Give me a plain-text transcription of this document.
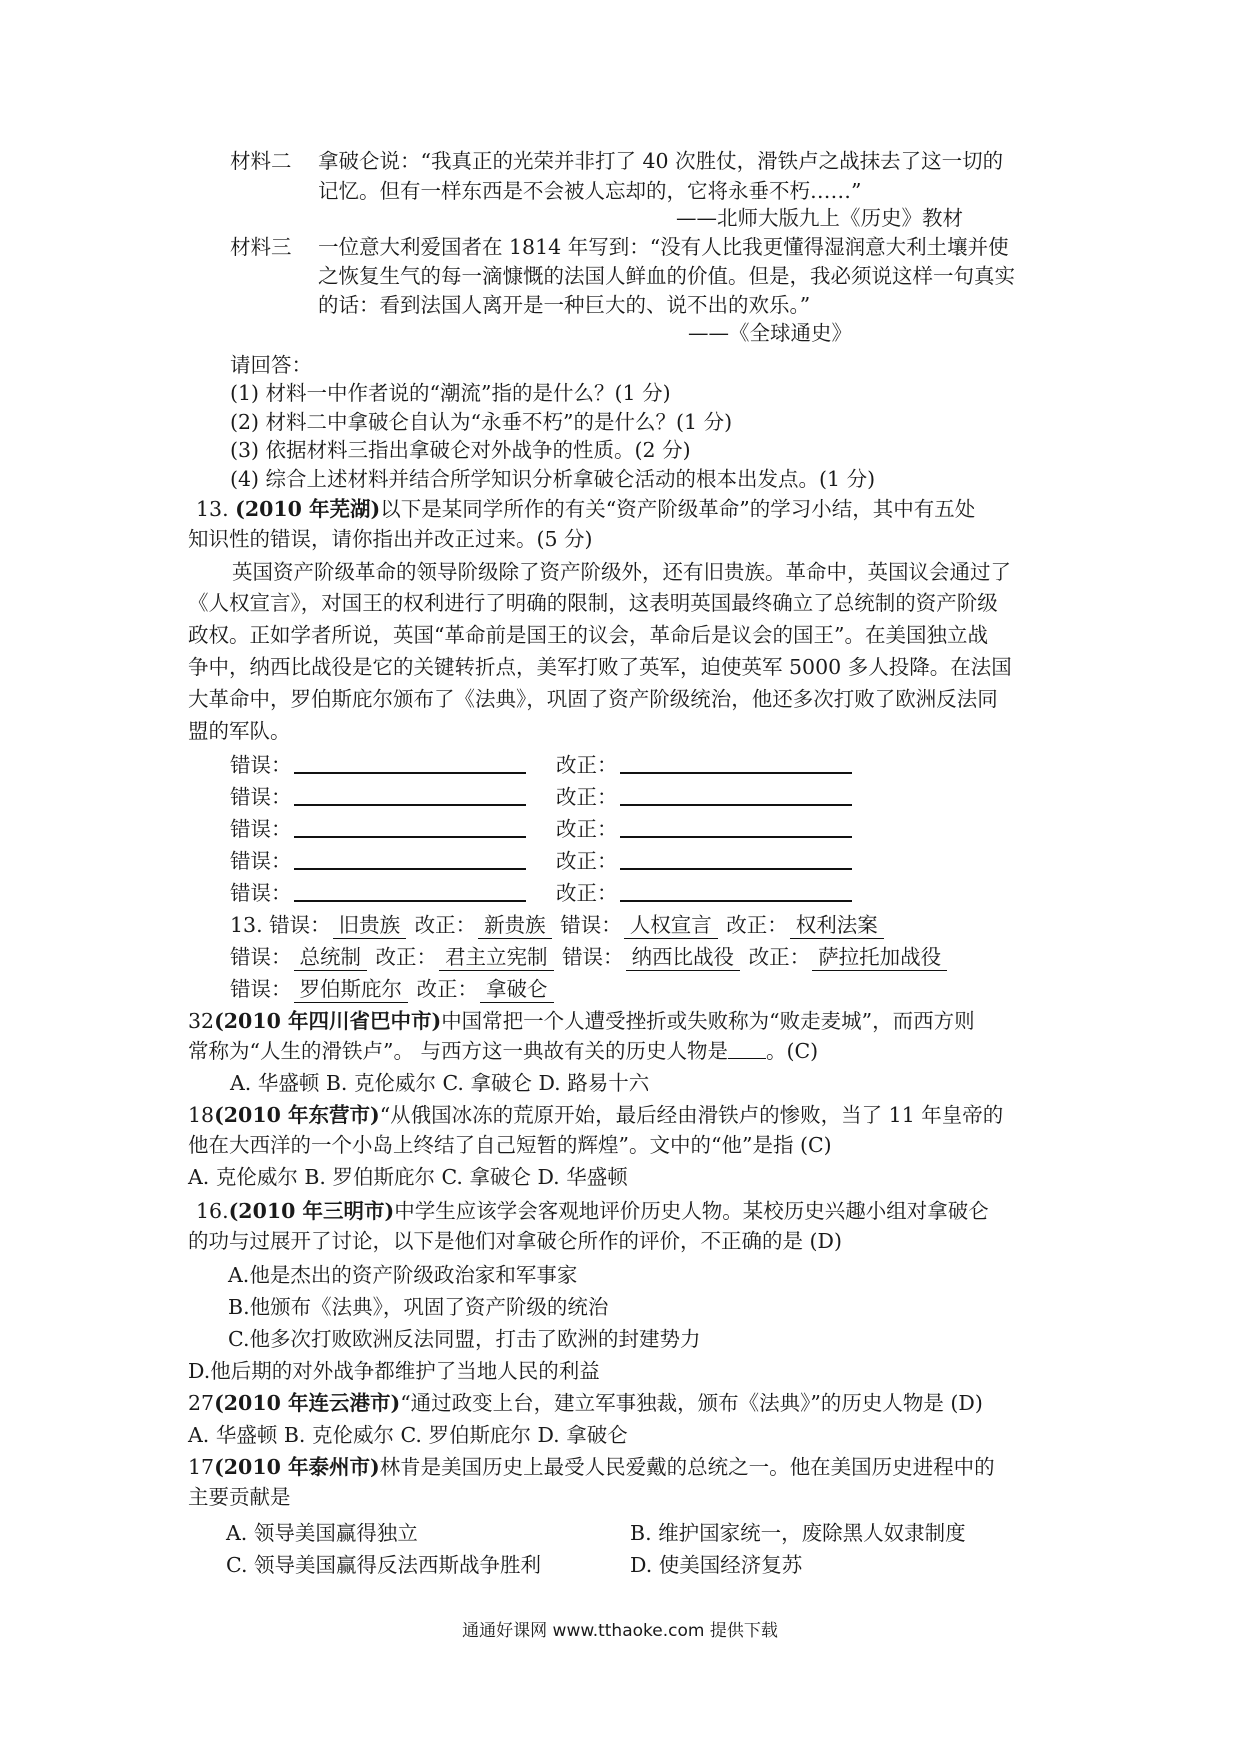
材料二 拿破仑说：“我真正的光荣并非打了 40 次胜仗，滑铁卢之战抹去了这一切的
记忆。但有一样东西是不会被人忘却的，它将永垂不朽……”
——北师大版九上《历史》教材
材料三 一位意大利爱国者在 1814 年写到：“没有人比我更懂得湿润意大利土壤并使
之恢复生气的每一滴慷慨的法国人鲜血的价值。但是，我必须说这样一句真实
的话：看到法国人离开是一种巨大的、说不出的欢乐。”
——《全球通史》
请回答：
(1) 材料一中作者说的“潮流”指的是什么？(1 分)
(2) 材料二中拿破仑自认为“永垂不朽”的是什么？(1 分)
(3) 依据材料三指出拿破仑对外战争的性质。(2 分)
(4) 综合上述材料并结合所学知识分析拿破仑活动的根本出发点。(1 分)
13. (2010 年芜湖)以下是某同学所作的有关“资产阶级革命”的学习小结，其中有五处
知识性的错误，请你指出并改正过来。(5 分)
英国资产阶级革命的领导阶级除了资产阶级外，还有旧贵族。革命中，英国议会通过了
《人权宣言》，对国王的权利进行了明确的限制，这表明英国最终确立了总统制的资产阶级
政权。正如学者所说，英国“革命前是国王的议会，革命后是议会的国王”。在美国独立战
争中，纳西比战役是它的关键转折点，美军打败了英军，迫使英军 5000 多人投降。在法国
大革命中，罗伯斯庇尔颁布了《法典》，巩固了资产阶级统治，他还多次打败了欧洲反法同
盟的军队。
错误：	改正：
错误：	改正：
错误：	改正：
错误：	改正：
错误：	改正：
13. 错误： 旧贵族 改正： 新贵族 错误： 人权宣言 改正： 权利法案
错误： 总统制 改正： 君主立宪制 错误： 纳西比战役 改正： 萨拉托加战役
错误： 罗伯斯庇尔 改正： 拿破仑
32(2010 年四川省巴中市)中国常把一个人遭受挫折或失败称为“败走麦城”，而西方则
常称为“人生的滑铁卢”。 与西方这一典故有关的历史人物是 。(C)
A. 华盛顿 B. 克伦威尔 C. 拿破仑 D. 路易十六
18(2010 年东营市)“从俄国冰冻的荒原开始，最后经由滑铁卢的惨败，当了 11 年皇帝的
他在大西洋的一个小岛上终结了自己短暂的辉煌”。文中的“他”是指 (C)
A. 克伦威尔 B. 罗伯斯庇尔 C. 拿破仑 D. 华盛顿
16.(2010 年三明市)中学生应该学会客观地评价历史人物。某校历史兴趣小组对拿破仑
的功与过展开了讨论，以下是他们对拿破仑所作的评价，不正确的是 (D)
A.他是杰出的资产阶级政治家和军事家
B.他颁布《法典》，巩固了资产阶级的统治
C.他多次打败欧洲反法同盟，打击了欧洲的封建势力
D.他后期的对外战争都维护了当地人民的利益
27(2010 年连云港市)“通过政变上台，建立军事独裁，颁布《法典》”的历史人物是 (D)
A. 华盛顿 B. 克伦威尔 C. 罗伯斯庇尔 D. 拿破仑
17(2010 年泰州市)林肯是美国历史上最受人民爱戴的总统之一。他在美国历史进程中的
主要贡献是
A. 领导美国赢得独立	B. 维护国家统一，废除黑人奴隶制度
C. 领导美国赢得反法西斯战争胜利	D. 使美国经济复苏
通通好课网 www.tthaoke.com 提供下载
